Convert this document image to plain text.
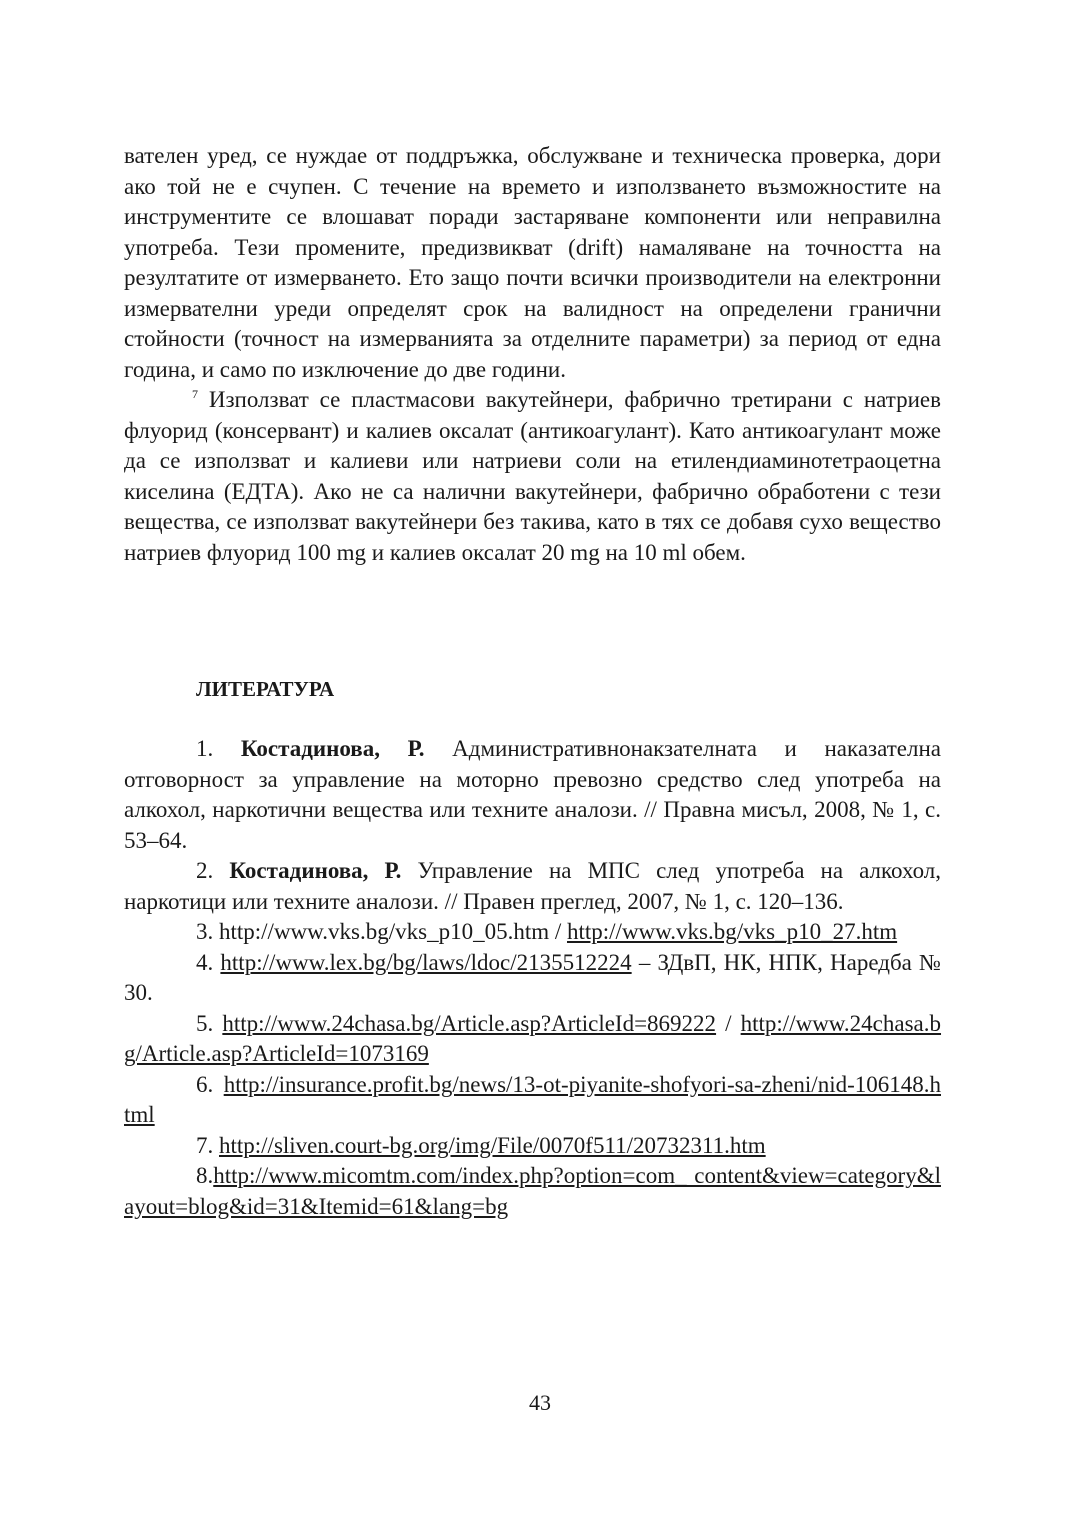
вателен уред, се нуждае от поддръжка, обслужване и техническа проверка, дори ако той не е счупен. С течение на времето и използването възможностите на инструментите се влошават поради застаряване компоненти или неправилна употреба. Тези промените, предизвикват (drift) намаляване на точността на резултатите от измерването. Ето защо почти всички производители на електронни измервателни уреди определят срок на валидност на определени гранични стойности (точност на измерванията за отделните параметри) за период от една година, и само по изключение до две години.

$^7$ Използват се пластмасови вакутейнери, фабрично третирани с натриев флуорид (консервант) и калиев оксалат (антикоагулант). Като антикоагулант може да се използват и калиеви или натриеви соли на етилендиаминотетраоцетна киселина (ЕДТА). Ако не са налични вакутейнери, фабрично обработени с тези вещества, се използват вакутейнери без такива, като в тях се добавя сухо вещество натриев флуорид 100 mg и калиев оксалат 20 mg на 10 ml обем.

ЛИТЕРАТУРА

1. Костадинова, Р. Административнонакзателната и наказателна отговорност за управление на моторно превозно средство след употреба на алкохол, наркотични вещества или техните аналози. // Правна мисъл, 2008, № 1, с. 53–64.

2. Костадинова, Р. Управление на МПС след употреба на алкохол, наркотици или техните аналози. // Правен преглед, 2007, № 1, с. 120–136.

3. http://www.vks.bg/vks_p10_05.htm / http://www.vks.bg/vks_p10_27.htm

4. http://www.lex.bg/bg/laws/ldoc/2135512224 – ЗДвП, НК, НПК, Наредба № 30.

5. http://www.24chasa.bg/Article.asp?ArticleId=869222 / http://www.24chasa.bg/Article.asp?ArticleId=1073169

6. http://insurance.profit.bg/news/13-ot-piyanite-shofyori-sa-zheni/nid-106148.html

7. http://sliven.court-bg.org/img/File/0070f511/20732311.htm

8.http://www.micomtm.com/index.php?option=com_ content&view=category&layout=blog&id=31&Itemid=61&lang=bg

43
